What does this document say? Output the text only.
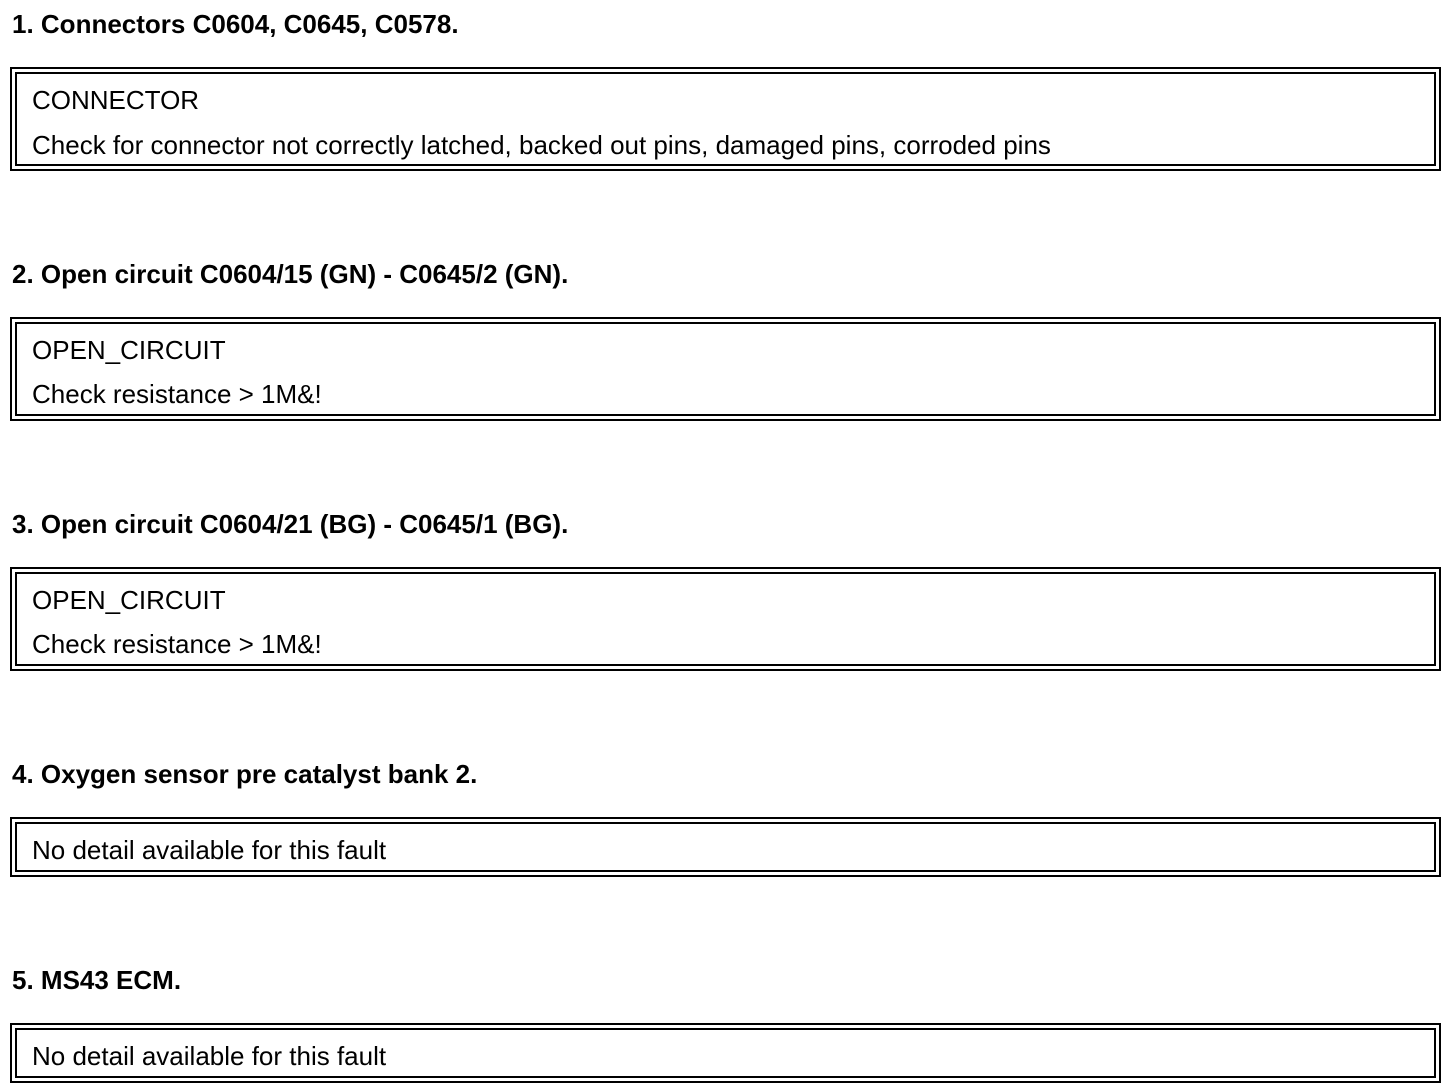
1. Connectors C0604, C0645, C0578.

CONNECTOR

Check for connector not correctly latched, backed out pins, damaged pins, corroded pins

2. Open circuit C0604/15 (GN) - C0645/2 (GN).

OPEN_CIRCUIT

Check resistance > 1M&!

3. Open circuit C0604/21 (BG) - C0645/1 (BG).

OPEN_CIRCUIT

Check resistance > 1M&!

4. Oxygen sensor pre catalyst bank 2.

No detail available for this fault

5. MS43 ECM.

No detail available for this fault
